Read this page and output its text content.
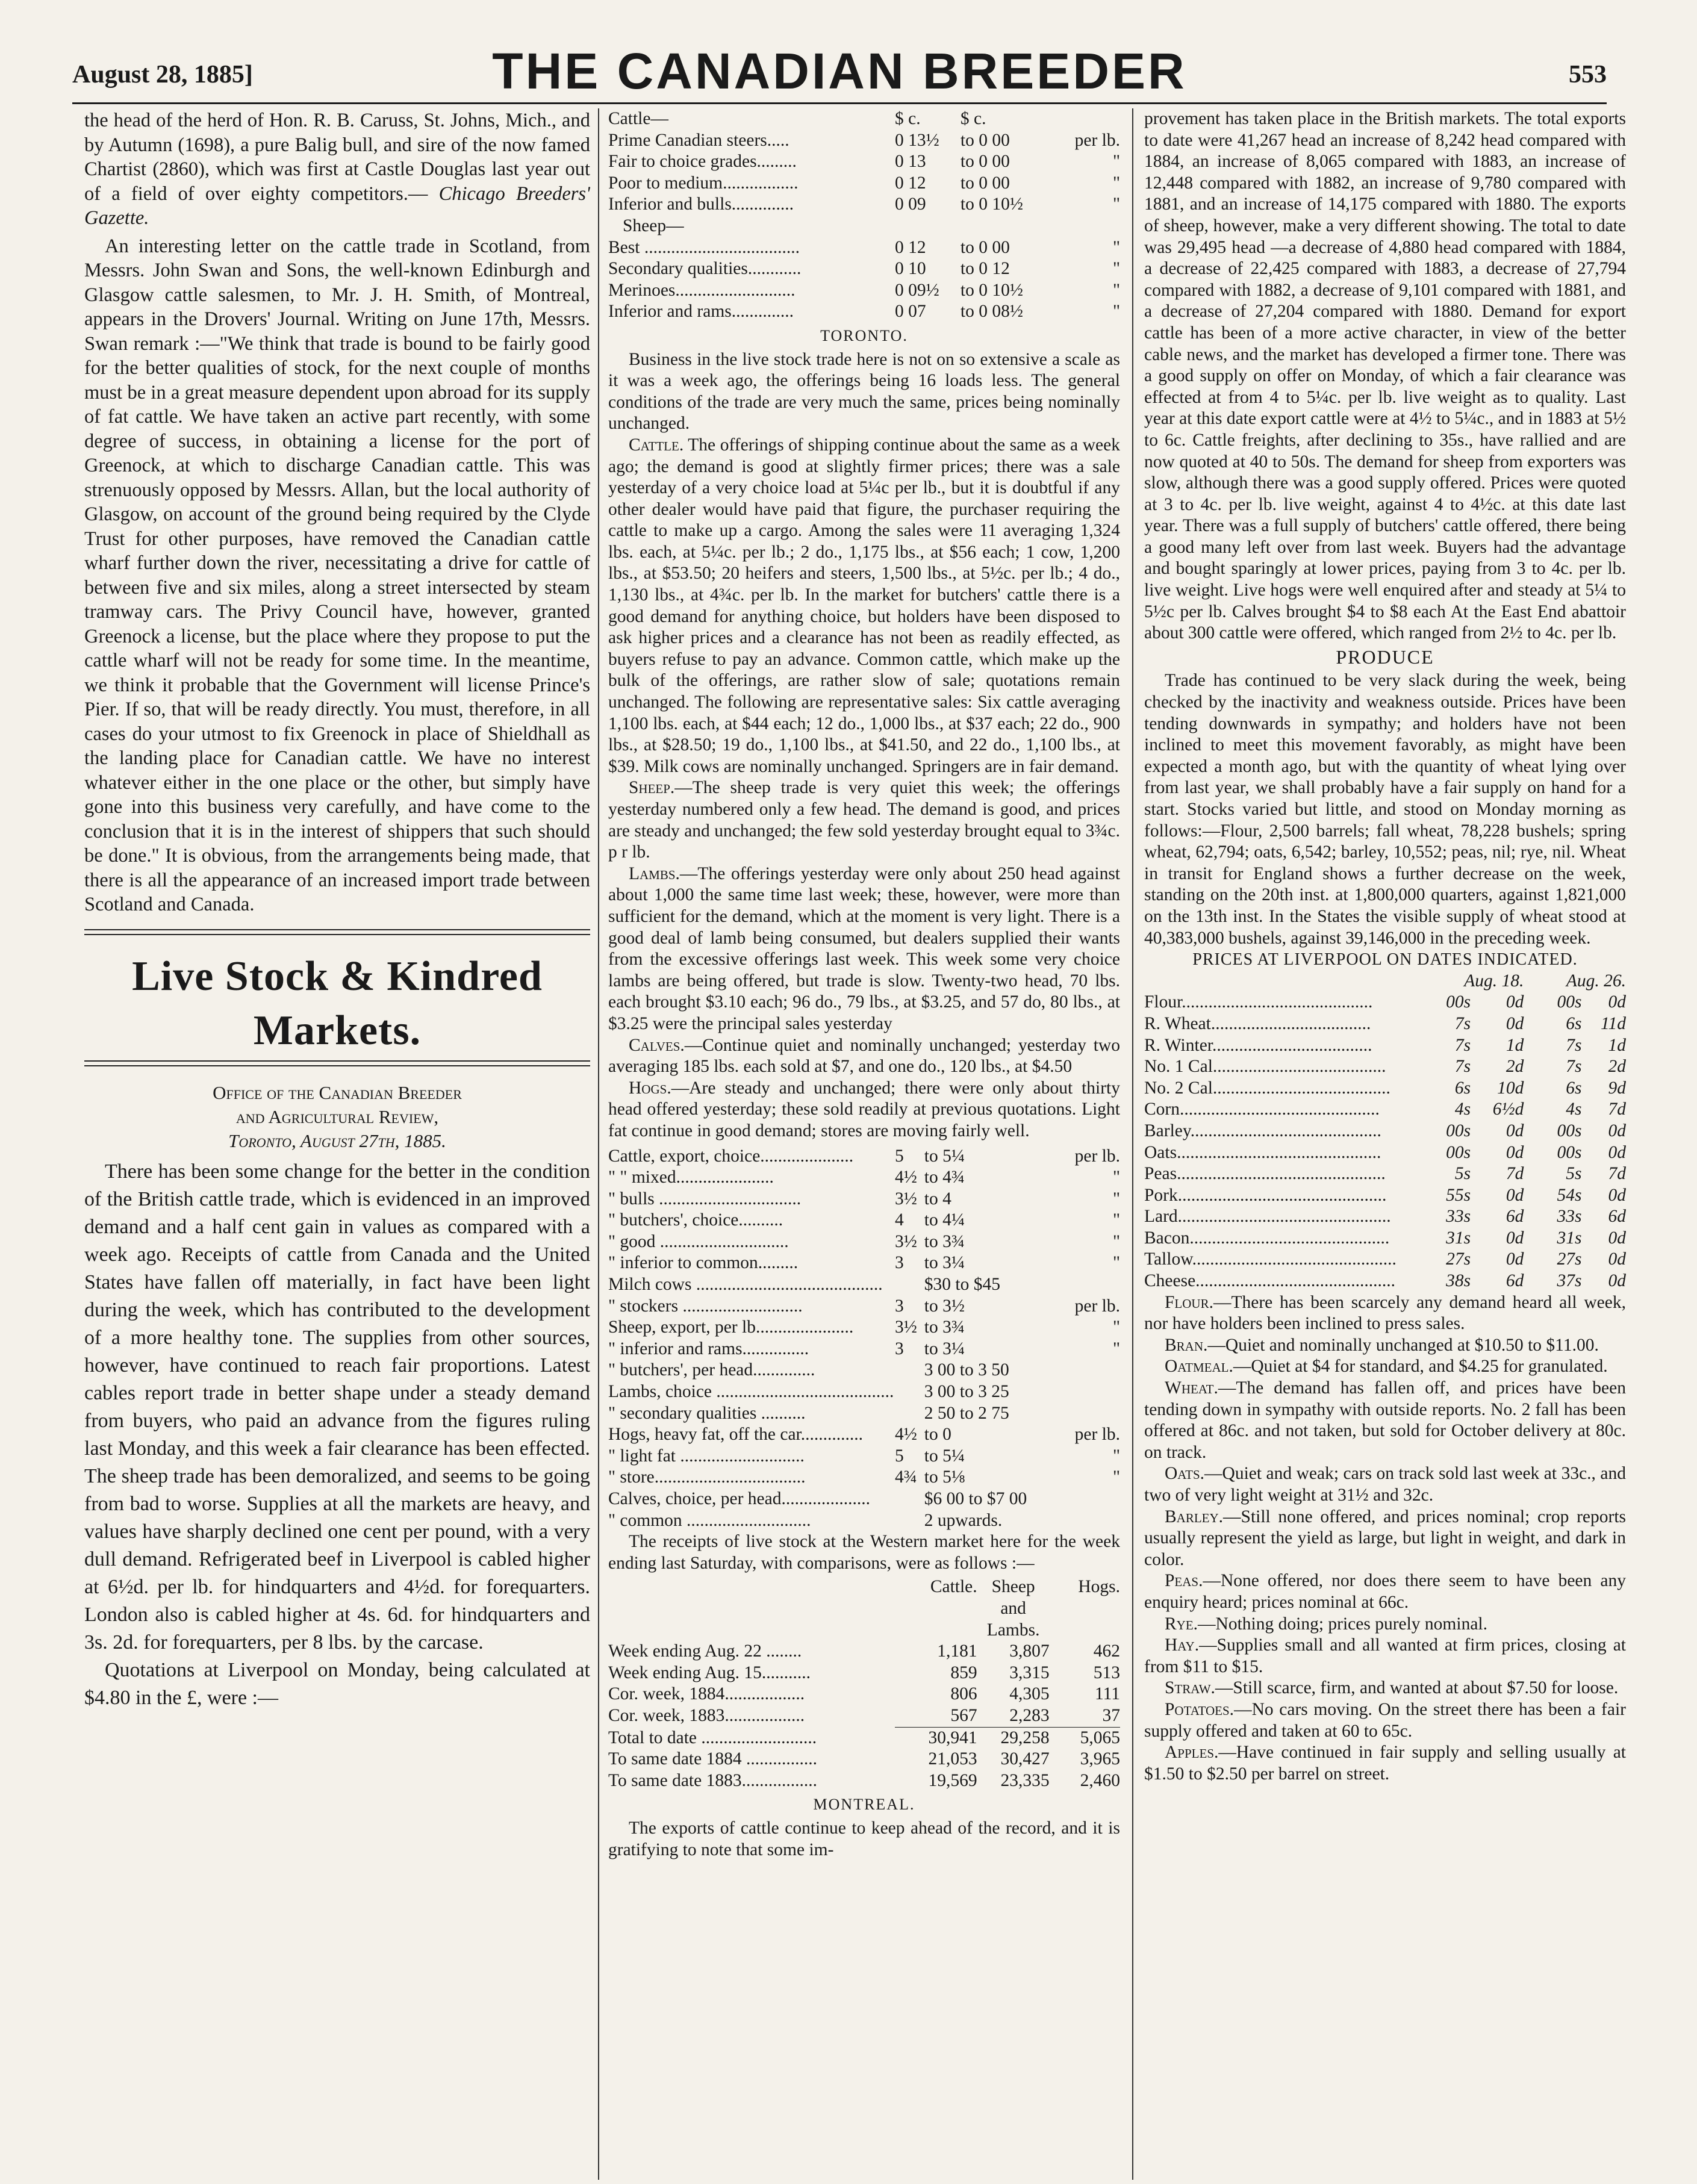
August 28, 1885]	THE CANADIAN BREEDER	553

the head of the herd of Hon. R. B. Caruss, St. Johns, Mich., and by Autumn (1698), a pure Balig bull, and sire of the now famed Chartist (2860), which was first at Castle Douglas last year out of a field of over eighty competitors.— Chicago Breeders' Gazette.

An interesting letter on the cattle trade in Scotland, from Messrs. John Swan and Sons, the well-known Edinburgh and Glasgow cattle salesmen, to Mr. J. H. Smith, of Montreal, appears in the Drovers' Journal. Writing on June 17th, Messrs. Swan remark :—"We think that trade is bound to be fairly good for the better qualities of stock, for the next couple of months must be in a great measure dependent upon abroad for its supply of fat cattle. We have taken an active part recently, with some degree of success, in obtaining a license for the port of Greenock, at which to discharge Canadian cattle. This was strenuously opposed by Messrs. Allan, but the local authority of Glasgow, on account of the ground being required by the Clyde Trust for other purposes, have removed the Canadian cattle wharf further down the river, necessitating a drive for cattle of between five and six miles, along a street intersected by steam tramway cars. The Privy Council have, however, granted Greenock a license, but the place where they propose to put the cattle wharf will not be ready for some time. In the meantime, we think it probable that the Government will license Prince's Pier. If so, that will be ready directly. You must, therefore, in all cases do your utmost to fix Greenock in place of Shieldhall as the landing place for Canadian cattle. We have no interest whatever either in the one place or the other, but simply have gone into this business very carefully, and have come to the conclusion that it is in the interest of shippers that such should be done." It is obvious, from the arrangements being made, that there is all the appearance of an increased import trade between Scotland and Canada.

Live Stock & Kindred Markets.
Office of the Canadian Breeder
and Agricultural Review,
Toronto, August 27th, 1885.

There has been some change for the better in the condition of the British cattle trade, which is evidenced in an improved demand and a half cent gain in values as compared with a week ago. Receipts of cattle from Canada and the United States have fallen off materially, in fact have been light during the week, which has contributed to the development of a more healthy tone. The supplies from other sources, however, have continued to reach fair proportions. Latest cables report trade in better shape under a steady demand from buyers, who paid an advance from the figures ruling last Monday, and this week a fair clearance has been effected. The sheep trade has been demoralized, and seems to be going from bad to worse. Supplies at all the markets are heavy, and values have sharply declined one cent per pound, with a very dull demand. Refrigerated beef in Liverpool is cabled higher at 6½d. per lb. for hindquarters and 4½d. for forequarters. London also is cabled higher at 4s. 6d. for hindquarters and 3s. 2d. for forequarters, per 8 lbs. by the carcase.

Quotations at Liverpool on Monday, being calculated at $4.80 in the £, were :—

Cattle—	$ c.	$ c.	
Prime Canadian steers.....	0 13½	to 0 00	per lb.
Fair to choice grades.........	0 13	to 0 00	"
Poor to medium.................	0 12	to 0 00	"
Inferior and bulls..............	0 09	to 0 10½	"
Sheep—			
Best ...................................	0 12	to 0 00	"
Secondary qualities............	0 10	to 0 12	"
Merinoes...........................	0 09½	to 0 10½	"
Inferior and rams..............	0 07	to 0 08½	"
TORONTO.

Business in the live stock trade here is not on so extensive a scale as it was a week ago, the offerings being 16 loads less. The general conditions of the trade are very much the same, prices being nominally unchanged.

Cattle. The offerings of shipping continue about the same as a week ago; the demand is good at slightly firmer prices; there was a sale yesterday of a very choice load at 5¼c per lb., but it is doubtful if any other dealer would have paid that figure, the purchaser requiring the cattle to make up a cargo. Among the sales were 11 averaging 1,324 lbs. each, at 5¼c. per lb.; 2 do., 1,175 lbs., at $56 each; 1 cow, 1,200 lbs., at $53.50; 20 heifers and steers, 1,500 lbs., at 5½c. per lb.; 4 do., 1,130 lbs., at 4¾c. per lb. In the market for butchers' cattle there is a good demand for anything choice, but holders have been disposed to ask higher prices and a clearance has not been as readily effected, as buyers refuse to pay an advance. Common cattle, which make up the bulk of the offerings, are rather slow of sale; quotations remain unchanged. The following are representative sales: Six cattle averaging 1,100 lbs. each, at $44 each; 12 do., 1,000 lbs., at $37 each; 22 do., 900 lbs., at $28.50; 19 do., 1,100 lbs., at $41.50, and 22 do., 1,100 lbs., at $39. Milk cows are nominally unchanged. Springers are in fair demand.

Sheep.—The sheep trade is very quiet this week; the offerings yesterday numbered only a few head. The demand is good, and prices are steady and unchanged; the few sold yesterday brought equal to 3¾c. p r lb.

Lambs.—The offerings yesterday were only about 250 head against about 1,000 the same time last week; these, however, were more than sufficient for the demand, which at the moment is very light. There is a good deal of lamb being consumed, but dealers supplied their wants from the excessive offerings last week. This week some very choice lambs are being offered, but trade is slow. Twenty-two head, 70 lbs. each brought $3.10 each; 96 do., 79 lbs., at $3.25, and 57 do, 80 lbs., at $3.25 were the principal sales yesterday

Calves.—Continue quiet and nominally unchanged; yesterday two averaging 185 lbs. each sold at $7, and one do., 120 lbs., at $4.50

Hogs.—Are steady and unchanged; there were only about thirty head offered yesterday; these sold readily at previous quotations. Light fat continue in good demand; stores are moving fairly well.

Cattle, export, choice.....................	5	to 5¼	per lb.
" " mixed......................	4½	to 4¾	"
" bulls ................................	3½	to 4	"
" butchers', choice..........	4	to 4¼	"
" good .............................	3½	to 3¾	"
" inferior to common.........	3	to 3¼	"
Milch cows ..........................................		$30 to $45	
" stockers ...........................	3	to 3½	per lb.
Sheep, export, per lb......................	3½	to 3¾	"
" inferior and rams...............	3	to 3¼	"
" butchers', per head..............		3 00 to 3 50	
Lambs, choice ........................................		3 00 to 3 25	
" secondary qualities ..........		2 50 to 2 75	
Hogs, heavy fat, off the car..............	4½	to 0	per lb.
" light fat ............................	5	to 5¼	"
" store..................................	4¾	to 5⅛	"
Calves, choice, per head....................		$6 00 to $7 00	
" common ............................		2 upwards.	

The receipts of live stock at the Western market here for the week ending last Saturday, with comparisons, were as follows :—

	Cattle.	Sheep and Lambs.	Hogs.
Week ending Aug. 22 ........	1,181	3,807	462
Week ending Aug. 15...........	859	3,315	513
Cor. week, 1884..................	806	4,305	111
Cor. week, 1883..................	567	2,283	37

Total to date ..........................	30,941	29,258	5,065
To same date 1884 ................	21,053	30,427	3,965
To same date 1883.................	19,569	23,335	2,460
MONTREAL.

The exports of cattle continue to keep ahead of the record, and it is gratifying to note that some im-

provement has taken place in the British markets. The total exports to date were 41,267 head an increase of 8,242 head compared with 1884, an increase of 8,065 compared with 1883, an increase of 12,448 compared with 1882, an increase of 9,780 compared with 1881, and an increase of 14,175 compared with 1880. The exports of sheep, however, make a very different showing. The total to date was 29,495 head —a decrease of 4,880 head compared with 1884, a decrease of 22,425 compared with 1883, a decrease of 27,794 compared with 1882, a decrease of 9,101 compared with 1881, and a decrease of 27,204 compared with 1880. Demand for export cattle has been of a more active character, in view of the better cable news, and the market has developed a firmer tone. There was a good supply on offer on Monday, of which a fair clearance was effected at from 4 to 5¼c. per lb. live weight as to quality. Last year at this date export cattle were at 4½ to 5¼c., and in 1883 at 5½ to 6c. Cattle freights, after declining to 35s., have rallied and are now quoted at 40 to 50s. The demand for sheep from exporters was slow, although there was a good supply offered. Prices were quoted at 3 to 4c. per lb. live weight, against 4 to 4½c. at this date last year. There was a full supply of butchers' cattle offered, there being a good many left over from last week. Buyers had the advantage and bought sparingly at lower prices, paying from 3 to 4c. per lb. live weight. Live hogs were well enquired after and steady at 5¼ to 5½c per lb. Calves brought $4 to $8 each At the East End abattoir about 300 cattle were offered, which ranged from 2½ to 4c. per lb.

PRODUCE

Trade has continued to be very slack during the week, being checked by the inactivity and weakness outside. Prices have been tending downwards in sympathy; and holders have not been inclined to meet this movement favorably, as might have been expected a month ago, but with the quantity of wheat lying over from last year, we shall probably have a fair supply on hand for a start. Stocks varied but little, and stood on Monday morning as follows:—Flour, 2,500 barrels; fall wheat, 78,228 bushels; spring wheat, 62,794; oats, 6,542; barley, 10,552; peas, nil; rye, nil. Wheat in transit for England shows a further decrease on the week, standing on the 20th inst. at 1,800,000 quarters, against 1,821,000 on the 13th inst. In the States the visible supply of wheat stood at 40,383,000 bushels, against 39,146,000 in the preceding week.

PRICES AT LIVERPOOL ON DATES INDICATED.
	Aug. 18.		Aug. 26.	
Flour...........................................	00s	0d	00s	0d
R. Wheat....................................	7s	0d	6s	11d
R. Winter....................................	7s	1d	7s	1d
No. 1 Cal.......................................	7s	2d	7s	2d
No. 2 Cal........................................	6s	10d	6s	9d
Corn.............................................	4s	6½d	4s	7d
Barley...........................................	00s	0d	00s	0d
Oats..............................................	00s	0d	00s	0d
Peas...............................................	5s	7d	5s	7d
Pork...............................................	55s	0d	54s	0d
Lard................................................	33s	6d	33s	6d
Bacon.............................................	31s	0d	31s	0d
Tallow..............................................	27s	0d	27s	0d
Cheese.............................................	38s	6d	37s	0d

Flour.—There has been scarcely any demand heard all week, nor have holders been inclined to press sales.

Bran.—Quiet and nominally unchanged at $10.50 to $11.00.

Oatmeal.—Quiet at $4 for standard, and $4.25 for granulated.

Wheat.—The demand has fallen off, and prices have been tending down in sympathy with outside reports. No. 2 fall has been offered at 86c. and not taken, but sold for October delivery at 80c. on track.

Oats.—Quiet and weak; cars on track sold last week at 33c., and two of very light weight at 31½ and 32c.

Barley.—Still none offered, and prices nominal; crop reports usually represent the yield as large, but light in weight, and dark in color.

Peas.—None offered, nor does there seem to have been any enquiry heard; prices nominal at 66c.

Rye.—Nothing doing; prices purely nominal.

Hay.—Supplies small and all wanted at firm prices, closing at from $11 to $15.

Straw.—Still scarce, firm, and wanted at about $7.50 for loose.

Potatoes.—No cars moving. On the street there has been a fair supply offered and taken at 60 to 65c.

Apples.—Have continued in fair supply and selling usually at $1.50 to $2.50 per barrel on street.
